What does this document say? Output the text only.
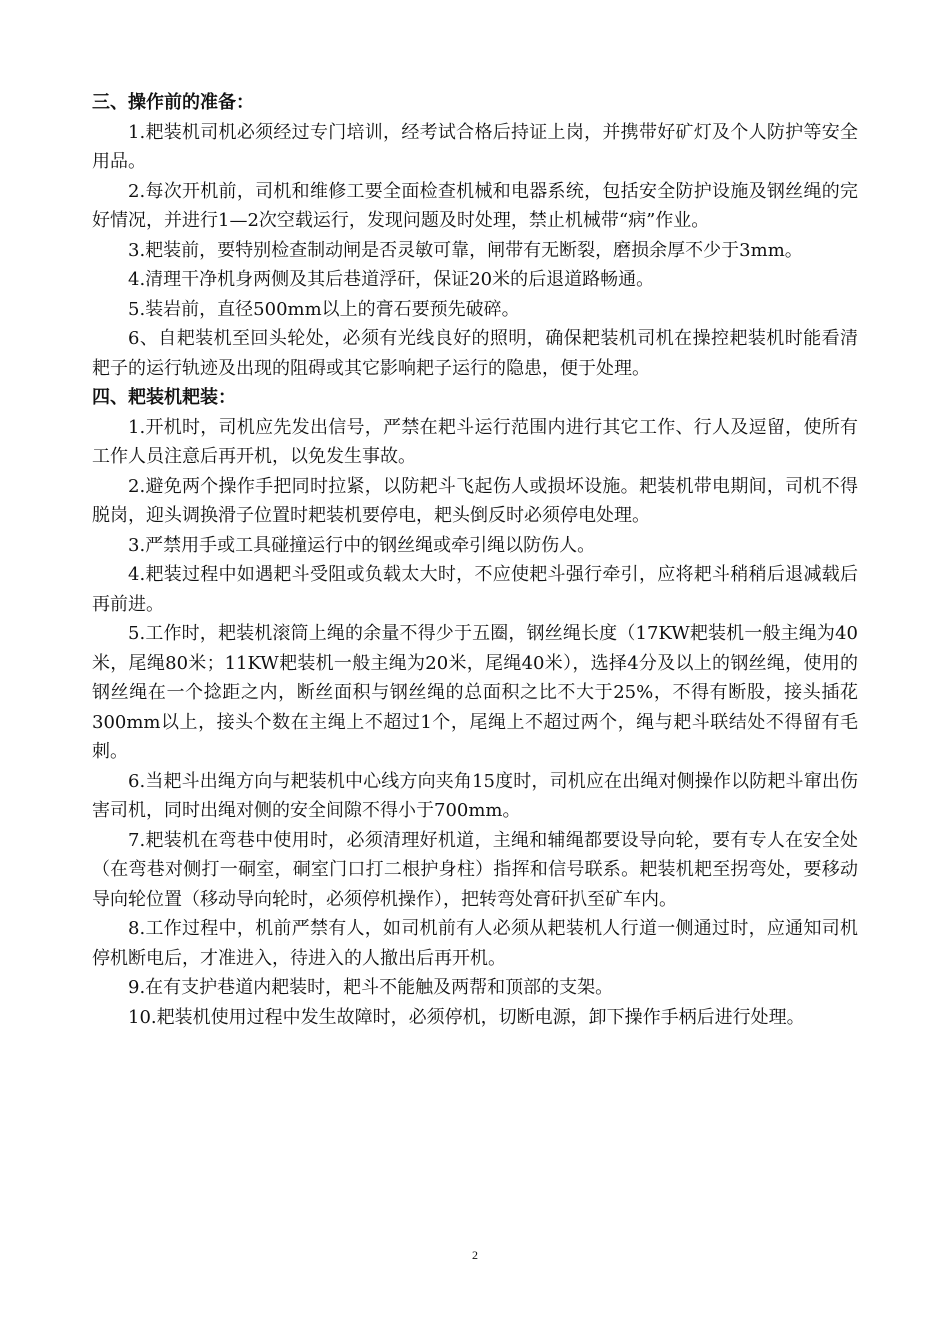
三、操作前的准备：

1.耙装机司机必须经过专门培训，经考试合格后持证上岗，并携带好矿灯及个人防护等安全用品。

2.每次开机前，司机和维修工要全面检查机械和电器系统，包括安全防护设施及钢丝绳的完好情况，并进行1—2次空载运行，发现问题及时处理，禁止机械带“病”作业。

3.耙装前，要特别检查制动闸是否灵敏可靠，闸带有无断裂，磨损余厚不少于3mm。

4.清理干净机身两侧及其后巷道浮矸，保证20米的后退道路畅通。

5.装岩前，直径500mm以上的膏石要预先破碎。

6、自耙装机至回头轮处，必须有光线良好的照明，确保耙装机司机在操控耙装机时能看清耙子的运行轨迹及出现的阻碍或其它影响耙子运行的隐患，便于处理。

四、耙装机耙装：

1.开机时，司机应先发出信号，严禁在耙斗运行范围内进行其它工作、行人及逗留，使所有工作人员注意后再开机，以免发生事故。

2.避免两个操作手把同时拉紧，以防耙斗飞起伤人或损坏设施。耙装机带电期间，司机不得脱岗，迎头调换滑子位置时耙装机要停电，耙头倒反时必须停电处理。

3.严禁用手或工具碰撞运行中的钢丝绳或牵引绳以防伤人。

4.耙装过程中如遇耙斗受阻或负载太大时，不应使耙斗强行牵引，应将耙斗稍稍后退减载后再前进。

5.工作时，耙装机滚筒上绳的余量不得少于五圈，钢丝绳长度（17KW耙装机一般主绳为40米，尾绳80米；11KW耙装机一般主绳为20米，尾绳40米），选择4分及以上的钢丝绳，使用的钢丝绳在一个捻距之内，断丝面积与钢丝绳的总面积之比不大于25%，不得有断股，接头插花300mm以上，接头个数在主绳上不超过1个，尾绳上不超过两个，绳与耙斗联结处不得留有毛刺。

6.当耙斗出绳方向与耙装机中心线方向夹角15度时，司机应在出绳对侧操作以防耙斗窜出伤害司机，同时出绳对侧的安全间隙不得小于700mm。

7.耙装机在弯巷中使用时，必须清理好机道，主绳和辅绳都要设导向轮，要有专人在安全处（在弯巷对侧打一硐室，硐室门口打二根护身柱）指挥和信号联系。耙装机耙至拐弯处，要移动导向轮位置（移动导向轮时，必须停机操作），把转弯处膏矸扒至矿车内。

8.工作过程中，机前严禁有人，如司机前有人必须从耙装机人行道一侧通过时，应通知司机停机断电后，才准进入，待进入的人撤出后再开机。

9.在有支护巷道内耙装时，耙斗不能触及两帮和顶部的支架。

10.耙装机使用过程中发生故障时，必须停机，切断电源，卸下操作手柄后进行处理。

2
